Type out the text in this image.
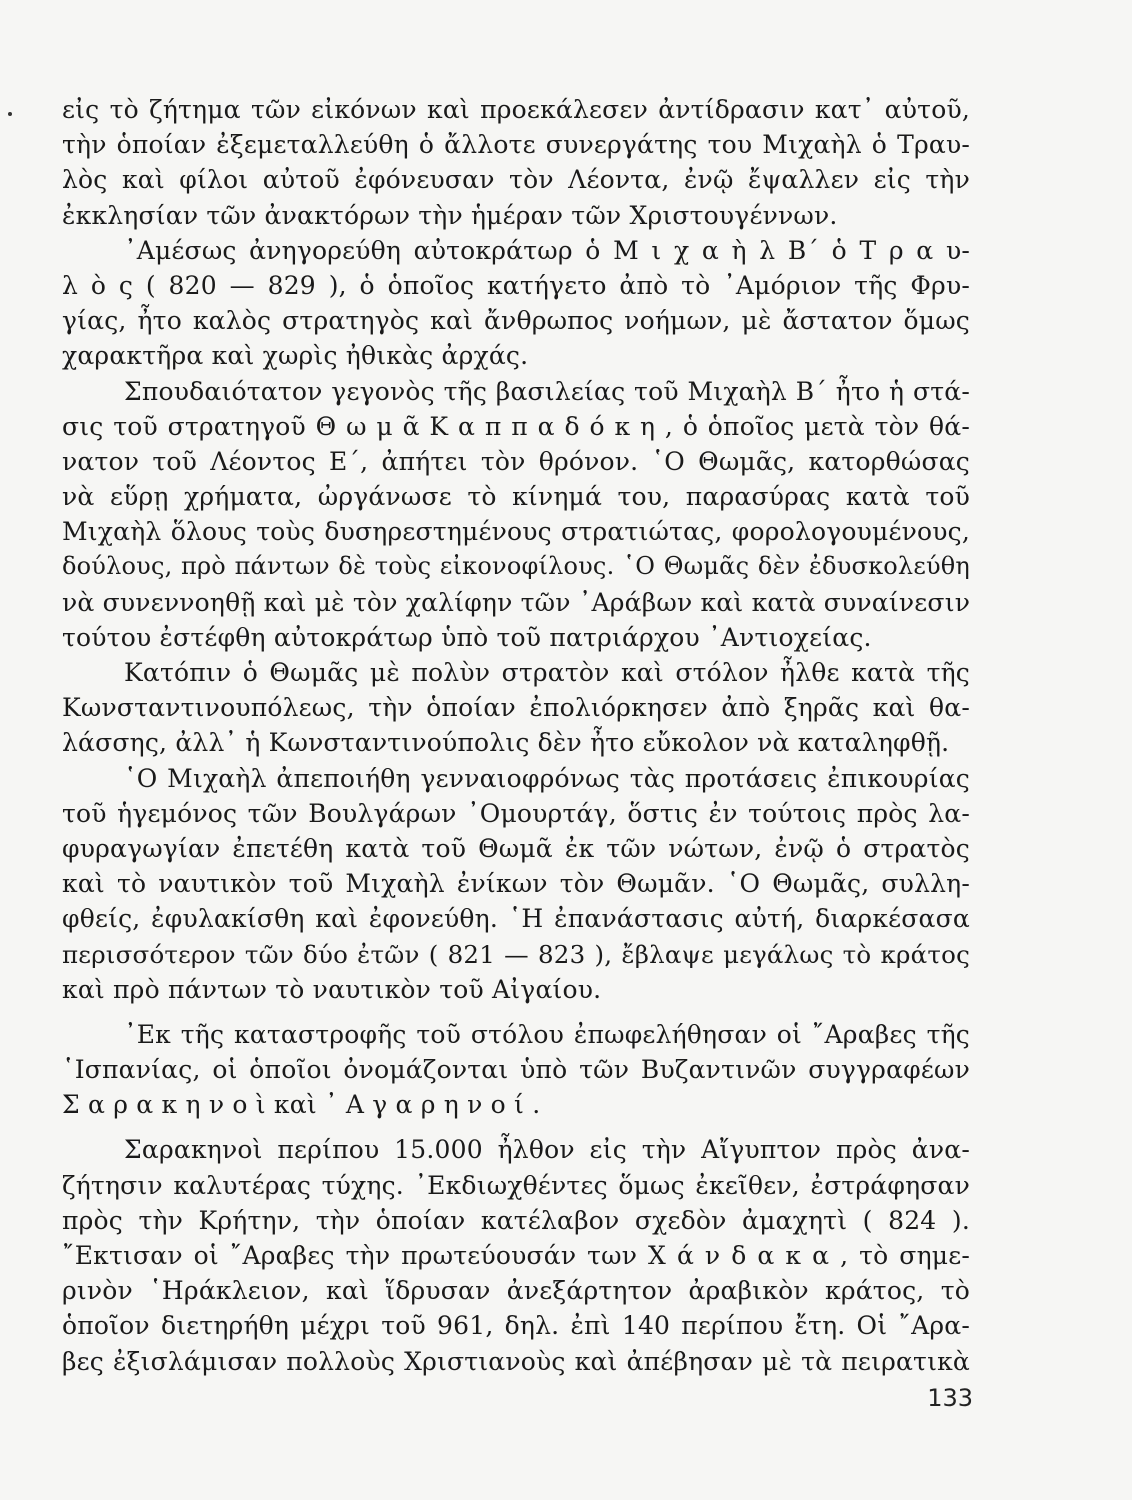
εἰς τὸ ζήτημα τῶν εἰκόνων καὶ προεκάλεσεν ἀντίδρασιν κατ᾽ αὐτοῦ,
τὴν ὁποίαν ἐξεμεταλλεύθη ὁ ἄλλοτε συνεργάτης του Μιχαὴλ ὁ Τραυ-
λὸς καὶ φίλοι αὐτοῦ ἐφόνευσαν τὸν Λέοντα, ἐνῷ ἔψαλλεν εἰς τὴν
ἐκκλησίαν τῶν ἀνακτόρων τὴν ἡμέραν τῶν Χριστουγέννων.
᾽Αμέσως ἀνηγορεύθη αὐτοκράτωρ ὁ Μ ι χ α ὴ λ Β΄ ὁ Τ ρ α υ-
λ ὸ ς ( 820 — 829 ), ὁ ὁποῖος κατήγετο ἀπὸ τὸ ᾽Αμόριον τῆς Φρυ-
γίας, ἦτο καλὸς στρατηγὸς καὶ ἄνθρωπος νοήμων, μὲ ἄστατον ὅμως
χαρακτῆρα καὶ χωρὶς ἠθικὰς ἀρχάς.
Σπουδαιότατον γεγονὸς τῆς βασιλείας τοῦ Μιχαὴλ Β΄ ἦτο ἡ στά-
σις τοῦ στρατηγοῦ Θ ω μ ᾶ Κ α π π α δ ό κ η , ὁ ὁποῖος μετὰ τὸν θά-
νατον τοῦ Λέοντος Ε΄, ἀπήτει τὸν θρόνον. ῾Ο Θωμᾶς, κατορθώσας
νὰ εὕρῃ χρήματα, ὠργάνωσε τὸ κίνημά του, παρασύρας κατὰ τοῦ
Μιχαὴλ ὅλους τοὺς δυσηρεστημένους στρατιώτας, φορολογουμένους,
δούλους, πρὸ πάντων δὲ τοὺς εἰκονοφίλους. ῾Ο Θωμᾶς δὲν ἐδυσκολεύθη
νὰ συνεννοηθῇ καὶ μὲ τὸν χαλίφην τῶν ᾽Αράβων καὶ κατὰ συναίνεσιν
τούτου ἐστέφθη αὐτοκράτωρ ὑπὸ τοῦ πατριάρχου ᾽Αντιοχείας.
Κατόπιν ὁ Θωμᾶς μὲ πολὺν στρατὸν καὶ στόλον ἦλθε κατὰ τῆς
Κωνσταντινουπόλεως, τὴν ὁποίαν ἐπολιόρκησεν ἀπὸ ξηρᾶς καὶ θα-
λάσσης, ἀλλ᾽ ἡ Κωνσταντινούπολις δὲν ἦτο εὔκολον νὰ καταληφθῇ.
῾Ο Μιχαὴλ ἀπεποιήθη γενναιοφρόνως τὰς προτάσεις ἐπικουρίας
τοῦ ἡγεμόνος τῶν Βουλγάρων ᾽Ομουρτάγ, ὅστις ἐν τούτοις πρὸς λα-
φυραγωγίαν ἐπετέθη κατὰ τοῦ Θωμᾶ ἐκ τῶν νώτων, ἐνῷ ὁ στρατὸς
καὶ τὸ ναυτικὸν τοῦ Μιχαὴλ ἐνίκων τὸν Θωμᾶν. ῾Ο Θωμᾶς, συλλη-
φθείς, ἐφυλακίσθη καὶ ἐφονεύθη. ῾Η ἐπανάστασις αὐτή, διαρκέσασα
περισσότερον τῶν δύο ἐτῶν ( 821 — 823 ), ἔβλαψε μεγάλως τὸ κράτος
καὶ πρὸ πάντων τὸ ναυτικὸν τοῦ Αἰγαίου.
᾽Εκ τῆς καταστροφῆς τοῦ στόλου ἐπωφελήθησαν οἱ ῎Αραβες τῆς
῾Ισπανίας, οἱ ὁποῖοι ὀνομάζονται ὑπὸ τῶν Βυζαντινῶν συγγραφέων
Σ α ρ α κ η ν ο ὶ καὶ ᾽ Α γ α ρ η ν ο ί .
Σαρακηνοὶ περίπου 15.000 ἦλθον εἰς τὴν Αἴγυπτον πρὸς ἀνα-
ζήτησιν καλυτέρας τύχης. ᾽Εκδιωχθέντες ὅμως ἐκεῖθεν, ἐστράφησαν
πρὸς τὴν Κρήτην, τὴν ὁποίαν κατέλαβον σχεδὸν ἀμαχητὶ ( 824 ).
῎Εκτισαν οἱ ῎Αραβες τὴν πρωτεύουσάν των Χ ά ν δ α κ α , τὸ σημε-
ρινὸν ῾Ηράκλειον, καὶ ἵδρυσαν ἀνεξάρτητον ἀραβικὸν κράτος, τὸ
ὁποῖον διετηρήθη μέχρι τοῦ 961, δηλ. ἐπὶ 140 περίπου ἔτη. Οἱ ῎Αρα-
βες ἐξισλάμισαν πολλοὺς Χριστιανοὺς καὶ ἀπέβησαν μὲ τὰ πειρατικὰ
133
